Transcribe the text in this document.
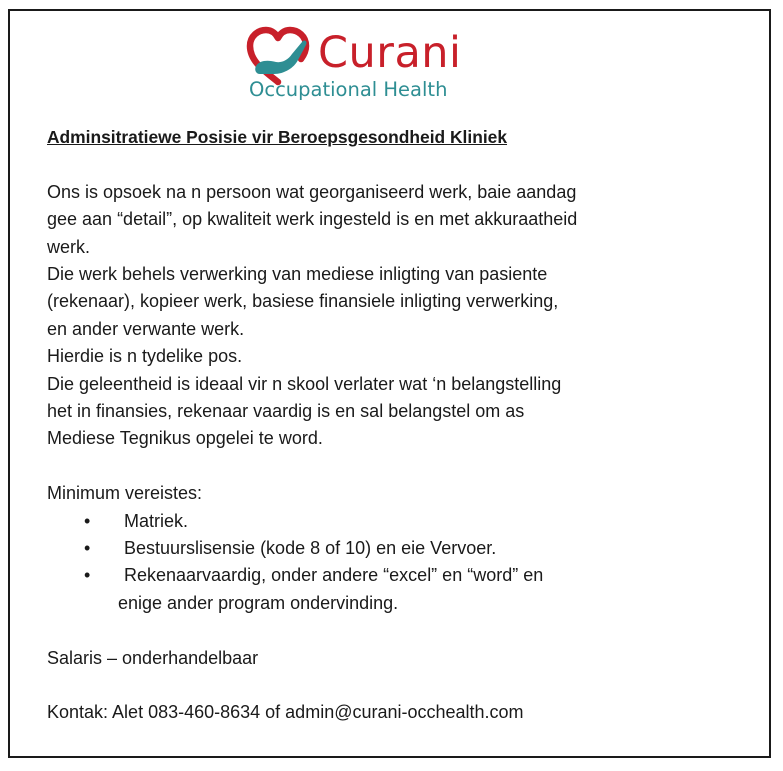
Curani
Occupational Health

Adminsitratiewe Posisie vir Beroepsgesondheid Kliniek

Ons is opsoek na n persoon wat georganiseerd werk, baie aandag

gee aan “detail”, op kwaliteit werk ingesteld is en met akkuraatheid

werk.

Die werk behels verwerking van mediese inligting van pasiente

(rekenaar), kopieer werk, basiese finansiele inligting verwerking,

en ander verwante werk.

Hierdie is n tydelike pos.

Die geleentheid is ideaal vir n skool verlater wat ‘n belangstelling

het in finansies, rekenaar vaardig is en sal belangstel om as

Mediese Tegnikus opgelei te word.

Minimum vereistes:

• Matriek.
• Bestuurslisensie (kode 8 of 10) en eie Vervoer.
• Rekenaarvaardig, onder andere “excel” en “word” en
enige ander program ondervinding.

Salaris – onderhandelbaar

Kontak: Alet 083-460-8634 of admin@curani-occhealth.com
